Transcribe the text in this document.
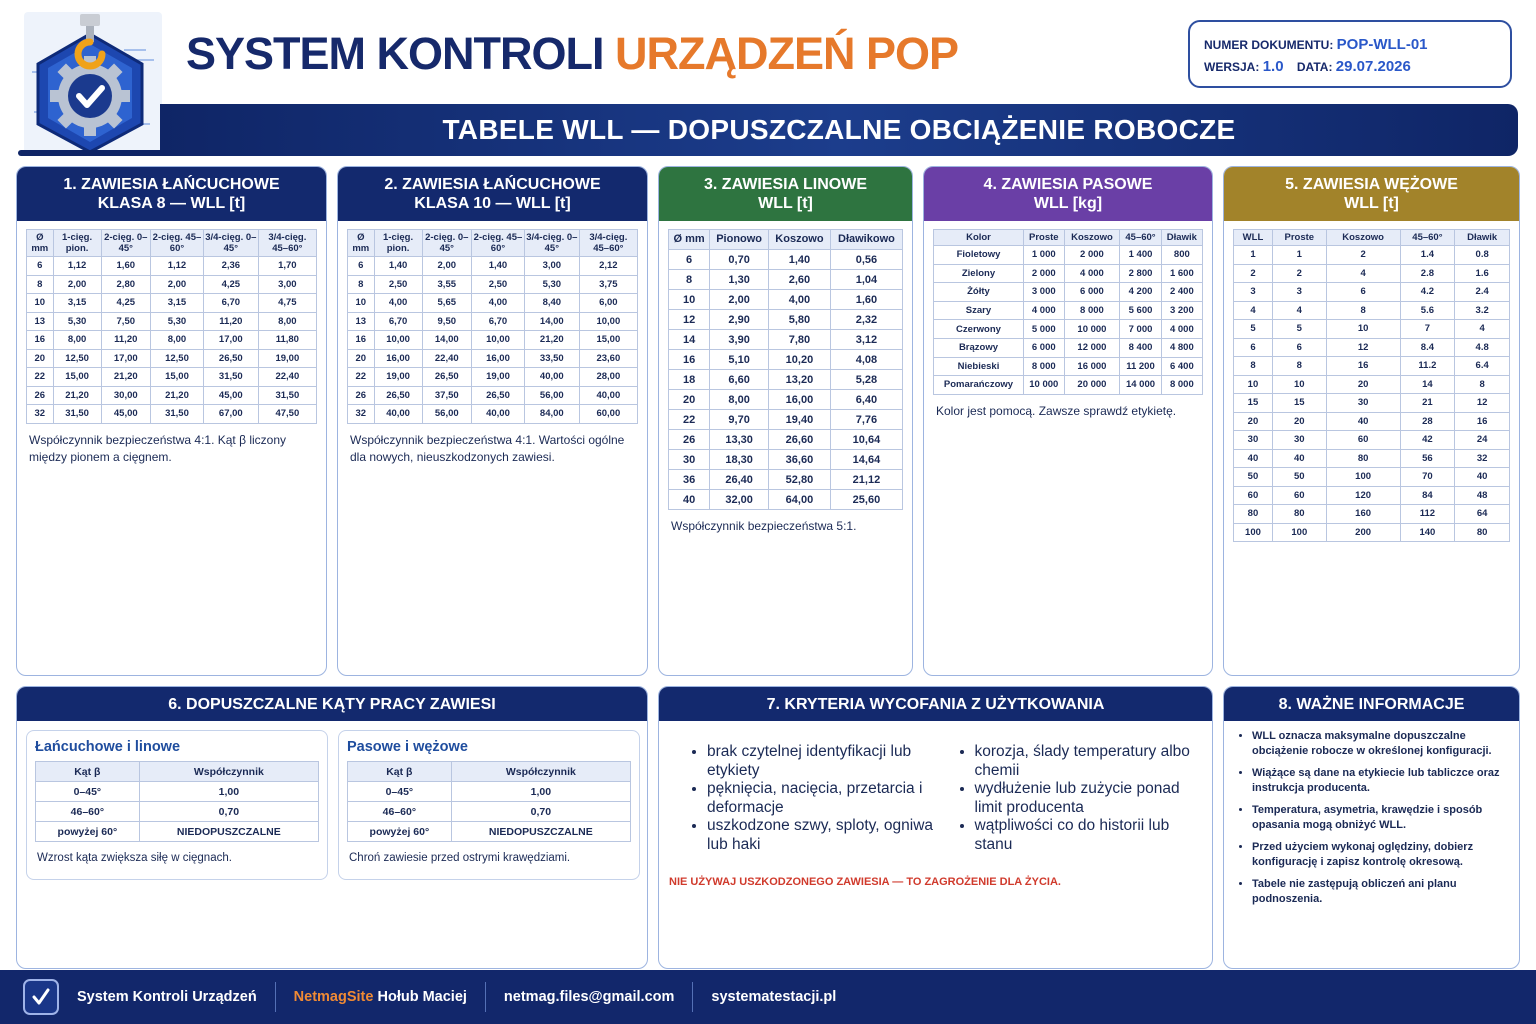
SYSTEM KONTROLI URZĄDZEŃ POP	NUMER DOKUMENTU: POP-WLL-01
WERSJA: 1.0 DATA: 29.07.2026
TABELE WLL — DOPUSZCZALNE OBCIĄŻENIE ROBOCZE
1. ZAWIESIA ŁAŃCUCHOWE
KLASA 8 — WLL [t]
Ø mm	1-cięg. pion.	2-cięg. 0–45°	2-cięg. 45–60°	3/4-cięg. 0–45°	3/4-cięg. 45–60°
6	1,12	1,60	1,12	2,36	1,70
8	2,00	2,80	2,00	4,25	3,00
10	3,15	4,25	3,15	6,70	4,75
13	5,30	7,50	5,30	11,20	8,00
16	8,00	11,20	8,00	17,00	11,80
20	12,50	17,00	12,50	26,50	19,00
22	15,00	21,20	15,00	31,50	22,40
26	21,20	30,00	21,20	45,00	31,50
32	31,50	45,00	31,50	67,00	47,50
Współczynnik bezpieczeństwa 4:1. Kąt β liczony między pionem a cięgnem.
2. ZAWIESIA ŁAŃCUCHOWE
KLASA 10 — WLL [t]
Ø mm	1-cięg. pion.	2-cięg. 0–45°	2-cięg. 45–60°	3/4-cięg. 0–45°	3/4-cięg. 45–60°
6	1,40	2,00	1,40	3,00	2,12
8	2,50	3,55	2,50	5,30	3,75
10	4,00	5,65	4,00	8,40	6,00
13	6,70	9,50	6,70	14,00	10,00
16	10,00	14,00	10,00	21,20	15,00
20	16,00	22,40	16,00	33,50	23,60
22	19,00	26,50	19,00	40,00	28,00
26	26,50	37,50	26,50	56,00	40,00
32	40,00	56,00	40,00	84,00	60,00
Współczynnik bezpieczeństwa 4:1. Wartości ogólne dla nowych, nieuszkodzonych zawiesi.
3. ZAWIESIA LINOWE
WLL [t]
Ø mm	Pionowo	Koszowo	Dławikowo
6	0,70	1,40	0,56
8	1,30	2,60	1,04
10	2,00	4,00	1,60
12	2,90	5,80	2,32
14	3,90	7,80	3,12
16	5,10	10,20	4,08
18	6,60	13,20	5,28
20	8,00	16,00	6,40
22	9,70	19,40	7,76
26	13,30	26,60	10,64
30	18,30	36,60	14,64
36	26,40	52,80	21,12
40	32,00	64,00	25,60
Współczynnik bezpieczeństwa 5:1.
4. ZAWIESIA PASOWE
WLL [kg]
Kolor	Proste	Koszowo	45–60°	Dławik
Fioletowy	1 000	2 000	1 400	800
Zielony	2 000	4 000	2 800	1 600
Żółty	3 000	6 000	4 200	2 400
Szary	4 000	8 000	5 600	3 200
Czerwony	5 000	10 000	7 000	4 000
Brązowy	6 000	12 000	8 400	4 800
Niebieski	8 000	16 000	11 200	6 400
Pomarańczowy	10 000	20 000	14 000	8 000
Kolor jest pomocą. Zawsze sprawdź etykietę.
5. ZAWIESIA WĘŻOWE
WLL [t]
WLL	Proste	Koszowo	45–60°	Dławik
1	1	2	1.4	0.8
2	2	4	2.8	1.6
3	3	6	4.2	2.4
4	4	8	5.6	3.2
5	5	10	7	4
6	6	12	8.4	4.8
8	8	16	11.2	6.4
10	10	20	14	8
15	15	30	21	12
20	20	40	28	16
30	30	60	42	24
40	40	80	56	32
50	50	100	70	40
60	60	120	84	48
80	80	160	112	64
100	100	200	140	80
6. DOPUSZCZALNE KĄTY PRACY ZAWIESI
Łańcuchowe i linowe
Kąt β	Współczynnik
0–45°	1,00
46–60°	0,70
powyżej 60°	NIEDOPUSZCZALNE
Wzrost kąta zwiększa siłę w cięgnach.
Pasowe i wężowe
Kąt β	Współczynnik
0–45°	1,00
46–60°	0,70
powyżej 60°	NIEDOPUSZCZALNE
Chroń zawiesie przed ostrymi krawędziami.
7. KRYTERIA WYCOFANIA Z UŻYTKOWANIA
• brak czytelnej identyfikacji lub etykiety
• pęknięcia, nacięcia, przetarcia i deformacje
• uszkodzone szwy, sploty, ogniwa lub haki
• korozja, ślady temperatury albo chemii
• wydłużenie lub zużycie ponad limit producenta
• wątpliwości co do historii lub stanu
NIE UŻYWAJ USZKODZONEGO ZAWIESIA — TO ZAGROŻENIE DLA ŻYCIA.
8. WAŻNE INFORMACJE
• WLL oznacza maksymalne dopuszczalne obciążenie robocze w określonej konfiguracji.
• Wiążące są dane na etykiecie lub tabliczce oraz instrukcja producenta.
• Temperatura, asymetria, krawędzie i sposób opasania mogą obniżyć WLL.
• Przed użyciem wykonaj oględziny, dobierz konfigurację i zapisz kontrolę okresową.
• Tabele nie zastępują obliczeń ani planu podnoszenia.
System Kontroli Urządzeń	NetmagSite Hołub Maciej	netmag.files@gmail.com	systematestacji.pl
